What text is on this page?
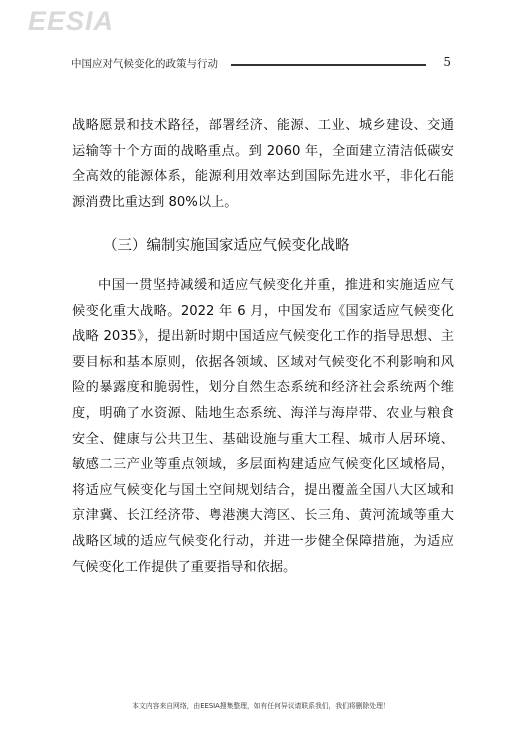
EESIA
中国应对气候变化的政策与行动	5
战略愿景和技术路径，部署经济、能源、工业、城乡建设、交通运输等十个方面的战略重点。到 2060 年，全面建立清洁低碳安全高效的能源体系，能源利用效率达到国际先进水平，非化石能源消费比重达到 80%以上。
（三）编制实施国家适应气候变化战略
中国一贯坚持减缓和适应气候变化并重，推进和实施适应气候变化重大战略。2022 年 6 月，中国发布《国家适应气候变化战略 2035》，提出新时期中国适应气候变化工作的指导思想、主要目标和基本原则，依据各领域、区域对气候变化不利影响和风险的暴露度和脆弱性，划分自然生态系统和经济社会系统两个维度，明确了水资源、陆地生态系统、海洋与海岸带、农业与粮食安全、健康与公共卫生、基础设施与重大工程、城市人居环境、敏感二三产业等重点领域，多层面构建适应气候变化区域格局，将适应气候变化与国土空间规划结合，提出覆盖全国八大区域和京津冀、长江经济带、粤港澳大湾区、长三角、黄河流域等重大战略区域的适应气候变化行动，并进一步健全保障措施，为适应气候变化工作提供了重要指导和依据。
本文内容来自网络，由EESIA搜集整理，如有任何异议请联系我们，我们将删除处理！
